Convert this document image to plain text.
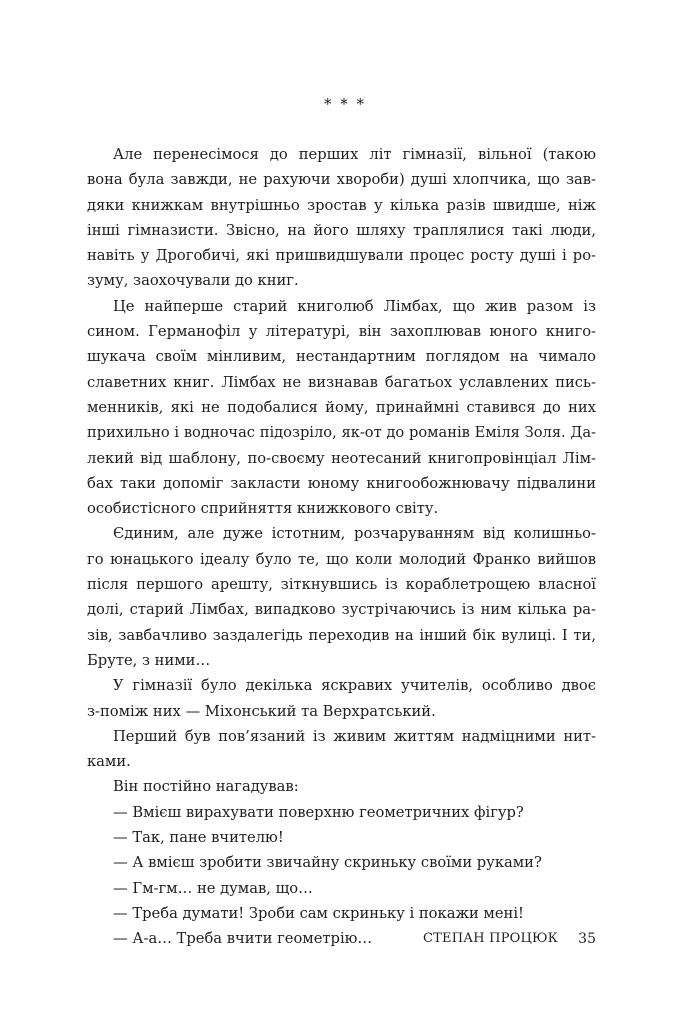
* * *
Але перенесімося до перших літ гімназії, вільної (такою
вона була завжди, не рахуючи хвороби) душі хлопчика, що зав-
дяки книжкам внутрішньо зростав у кілька разів швидше, ніж
інші гімназисти. Звісно, на його шляху траплялися такі люди,
навіть у Дрогобичі, які пришвидшували процес росту душі і ро-
зуму, заохочували до книг.
Це найперше старий книголюб Лімбах, що жив разом із
сином. Германофіл у літературі, він захоплював юного книго-
шукача своїм мінливим, нестандартним поглядом на чимало
славетних книг. Лімбах не визнавав багатьох уславлених пись-
менників, які не подобалися йому, принаймні ставився до них
прихильно і водночас підозріло, як-от до романів Еміля Золя. Да-
лекий від шаблону, по-своєму неотесаний книгопровінціал Лім-
бах таки допоміг закласти юному книгообожнювачу підвалини
особистісного сприйняття книжкового світу.
Єдиним, але дуже істотним, розчаруванням від колишньо-
го юнацького ідеалу було те, що коли молодий Франко вийшов
після першого арешту, зіткнувшись із кораблетрощею власної
долі, старий Лімбах, випадково зустрічаючись із ним кілька ра-
зів, завбачливо заздалегідь переходив на інший бік вулиці. І ти,
Бруте, з ними…
У гімназії було декілька яскравих учителів, особливо двоє
з-поміж них — Міхонський та Верхратський.
Перший був пов’язаний із живим життям надміцними нит-
ками.
Він постійно нагадував:
— Вмієш вирахувати поверхню геометричних фігур?
— Так, пане вчителю!
— А вмієш зробити звичайну скриньку своїми руками?
— Гм-гм… не думав, що…
— Треба думати! Зроби сам скриньку і покажи мені!
— А-а… Треба вчити геометрію…	СТЕПАН ПРОЦЮК 35
